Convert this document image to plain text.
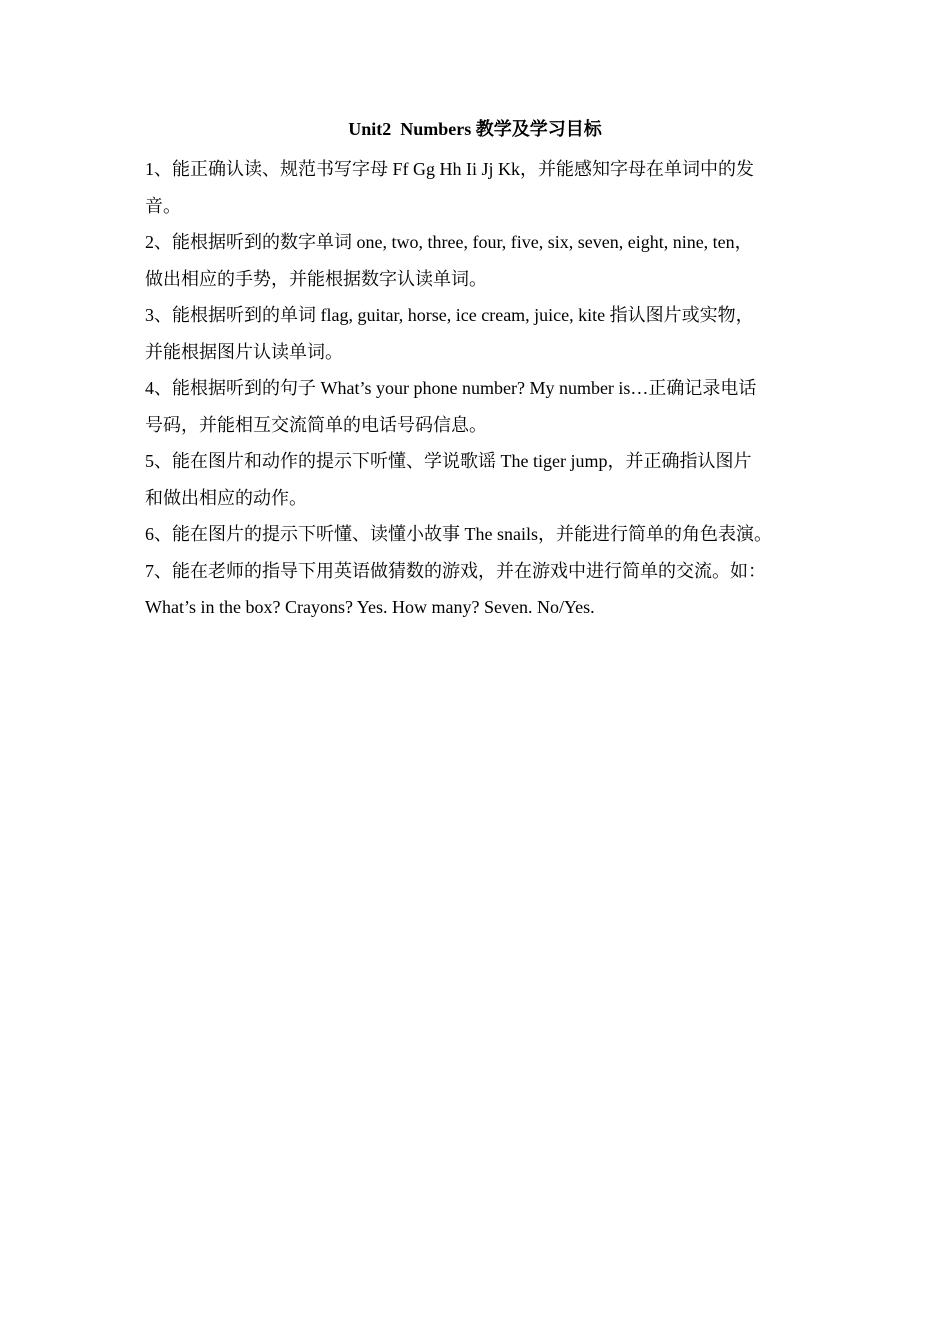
Unit2  Numbers 教学及学习目标
1、能正确认读、规范书写字母 Ff Gg Hh Ii Jj Kk，并能感知字母在单词中的发
音。
2、能根据听到的数字单词 one, two, three, four, five, six, seven, eight, nine, ten，
做出相应的手势，并能根据数字认读单词。
3、能根据听到的单词 flag, guitar, horse, ice cream, juice, kite 指认图片或实物，
并能根据图片认读单词。
4、能根据听到的句子 What’s your phone number? My number is…正确记录电话
号码，并能相互交流简单的电话号码信息。
5、能在图片和动作的提示下听懂、学说歌谣 The tiger jump，并正确指认图片
和做出相应的动作。
6、能在图片的提示下听懂、读懂小故事 The snails，并能进行简单的角色表演。
7、能在老师的指导下用英语做猜数的游戏，并在游戏中进行简单的交流。如：
What’s in the box? Crayons? Yes. How many? Seven. No/Yes.
